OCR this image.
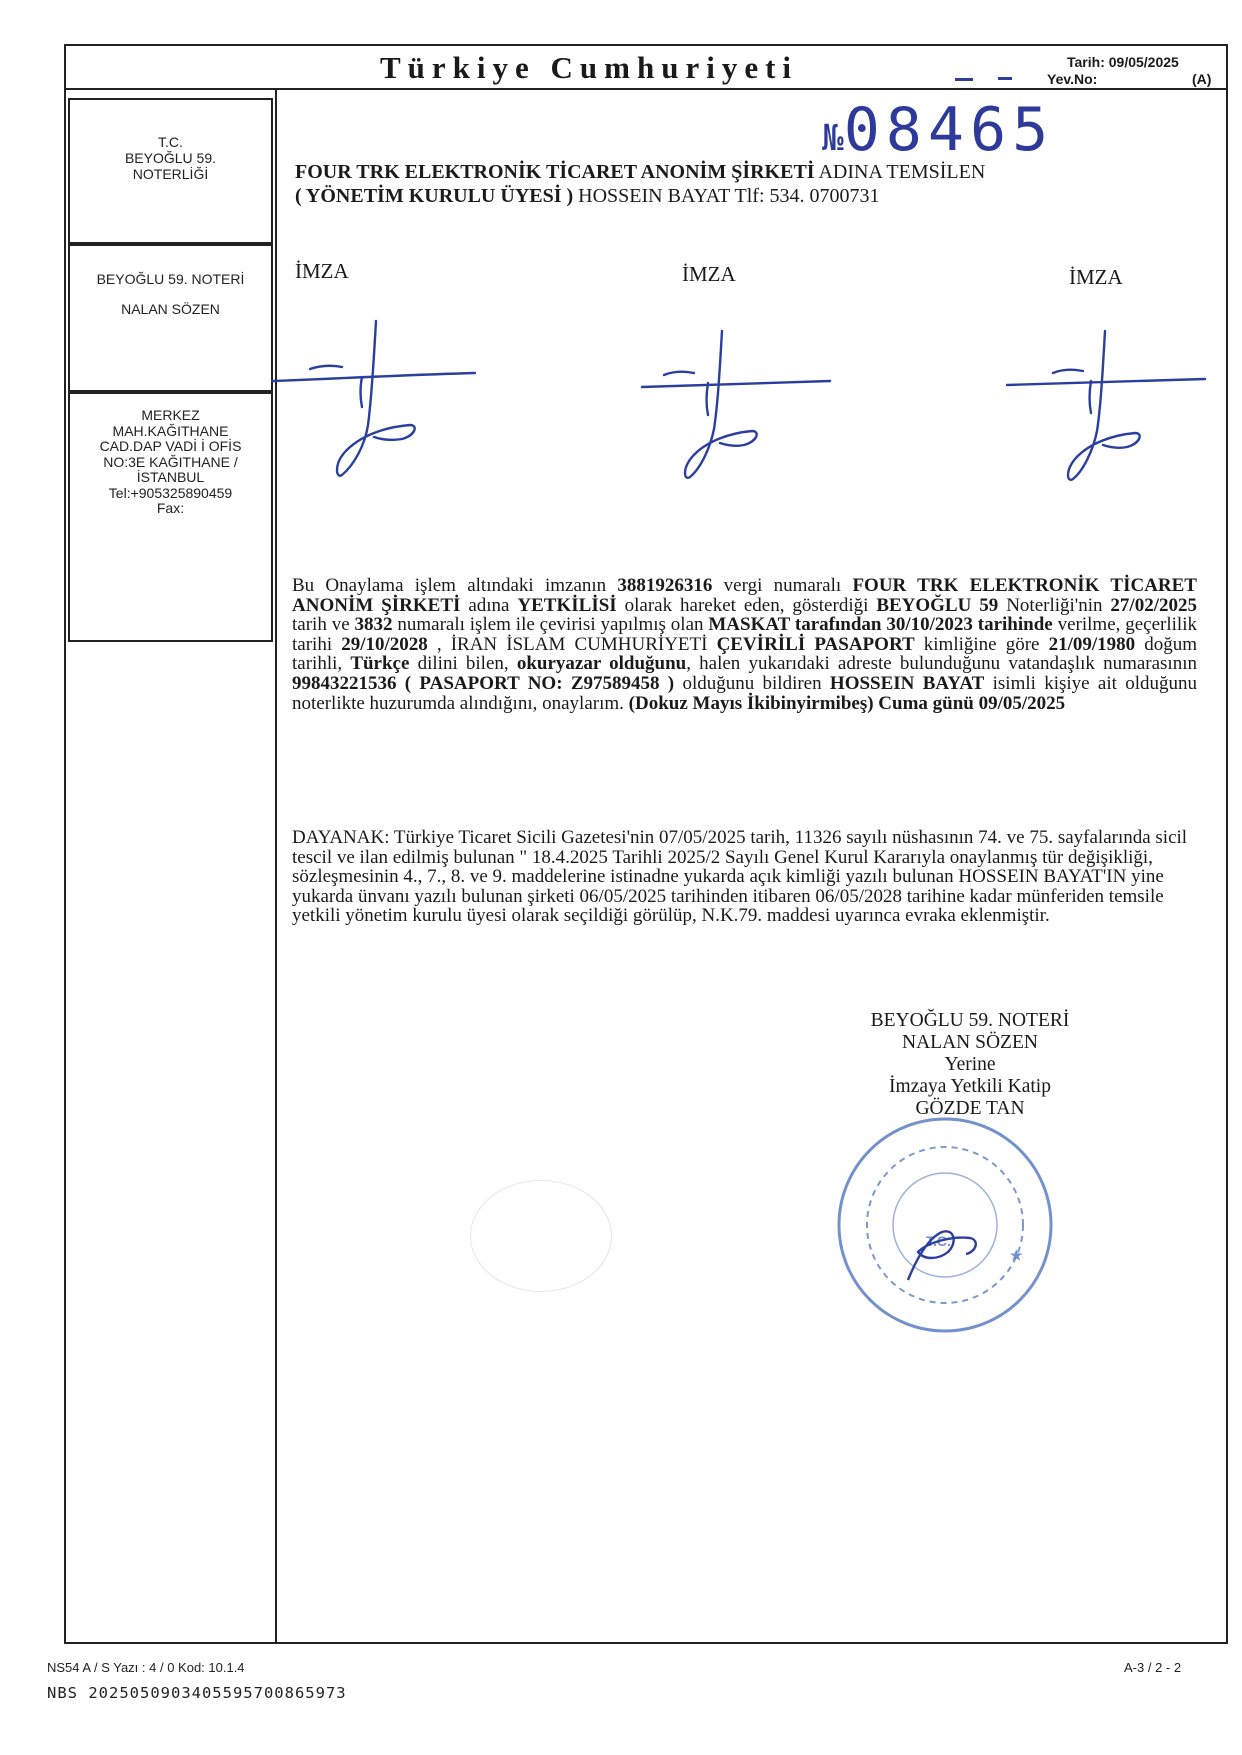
Türkiye Cumhuriyeti	Tarih: 09/05/2025
Yev.No:	(A)
№08465
T.C.
BEYOĞLU 59.
NOTERLİĞİ
BEYOĞLU 59. NOTERİ
NALAN SÖZEN
MERKEZ
MAH.KAĞITHANE
CAD.DAP VADİ İ OFİS
NO:3E KAĞITHANE /
İSTANBUL
Tel:+905325890459
Fax:
FOUR TRK ELEKTRONİK TİCARET ANONİM ŞİRKETİ ADINA TEMSİLEN
( YÖNETİM KURULU ÜYESİ ) HOSSEIN BAYAT Tlf: 534. 0700731
İMZA	İMZA	İMZA
Bu Onaylama işlem altındaki imzanın 3881926316 vergi numaralı FOUR TRK ELEKTRONİK TİCARET ANONİM ŞİRKETİ adına YETKİLİSİ olarak hareket eden, gösterdiği BEYOĞLU 59 Noterliği'nin 27/02/2025 tarih ve 3832 numaralı işlem ile çevirisi yapılmış olan MASKAT tarafından 30/10/2023 tarihinde verilme, geçerlilik tarihi 29/10/2028 , İRAN İSLAM CUMHURİYETİ ÇEVİRİLİ PASAPORT kimliğine göre 21/09/1980 doğum tarihli, Türkçe dilini bilen, okuryazar olduğunu, halen yukarıdaki adreste bulunduğunu vatandaşlık numarasının 99843221536 ( PASAPORT NO: Z97589458 ) olduğunu bildiren HOSSEIN BAYAT isimli kişiye ait olduğunu noterlikte huzurumda alındığını, onaylarım. (Dokuz Mayıs İkibinyirmibeş) Cuma günü 09/05/2025
DAYANAK: Türkiye Ticaret Sicili Gazetesi'nin 07/05/2025 tarih, 11326 sayılı nüshasının 74. ve 75. sayfalarında sicil tescil ve ilan edilmiş bulunan " 18.4.2025 Tarihli 2025/2 Sayılı Genel Kurul Kararıyla onaylanmış tür değişikliği, sözleşmesinin 4., 7., 8. ve 9. maddelerine istinadne yukarda açık kimliği yazılı bulunan HOSSEIN BAYAT'IN yine yukarda ünvanı yazılı bulunan şirketi 06/05/2025 tarihinden itibaren 06/05/2028 tarihine kadar münferiden temsile yetkili yönetim kurulu üyesi olarak seçildiği görülüp, N.K.79. maddesi uyarınca evraka eklenmiştir.
BEYOĞLU 59. NOTERİ
NALAN SÖZEN
Yerine
İmzaya Yetkili Katip
GÖZDE TAN
T.C.
★
NS54 A / S Yazı : 4 / 0 Kod: 10.1.4	A-3 / 2 - 2
NBS 20250509034055957008659​73
